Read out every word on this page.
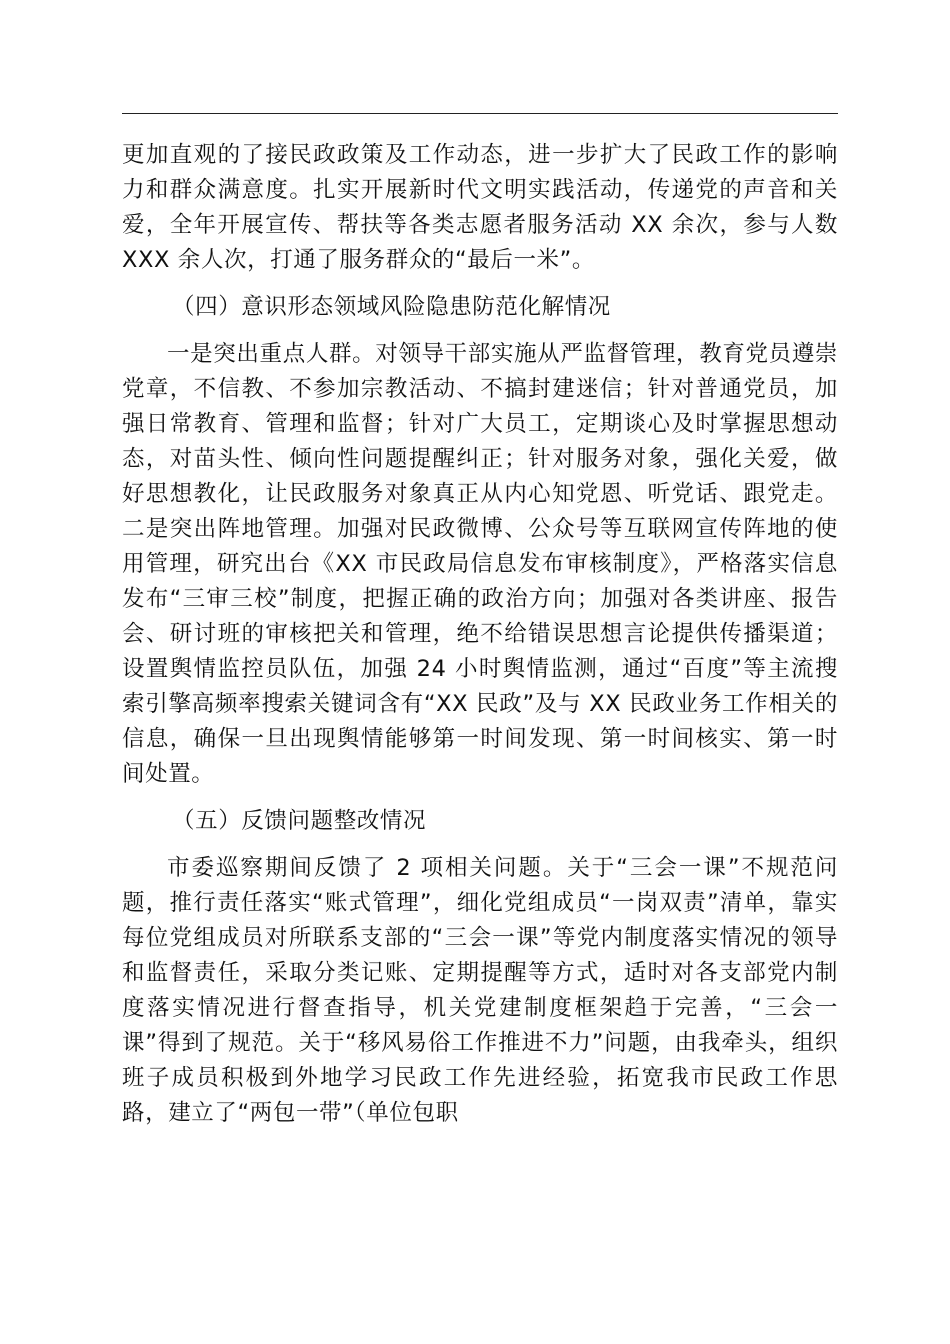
更加直观的了接民政政策及工作动态，进一步扩大了民政工作的影响力和群众满意度。扎实开展新时代文明实践活动，传递党的声音和关爱，全年开展宣传、帮扶等各类志愿者服务活动 XX 余次，参与人数 XXX 余人次，打通了服务群众的“最后一米”。

（四）意识形态领域风险隐患防范化解情况

一是突出重点人群。对领导干部实施从严监督管理，教育党员遵崇党章，不信教、不参加宗教活动、不搞封建迷信；针对普通党员，加强日常教育、管理和监督；针对广大员工，定期谈心及时掌握思想动态，对苗头性、倾向性问题提醒纠正；针对服务对象，强化关爱，做好思想教化，让民政服务对象真正从内心知党恩、听党话、跟党走。二是突出阵地管理。加强对民政微博、公众号等互联网宣传阵地的使用管理，研究出台《XX 市民政局信息发布审核制度》，严格落实信息发布“三审三校”制度，把握正确的政治方向；加强对各类讲座、报告会、研讨班的审核把关和管理，绝不给错误思想言论提供传播渠道；设置舆情监控员队伍，加强 24 小时舆情监测，通过“百度”等主流搜索引擎高频率搜索关键词含有“XX 民政”及与 XX 民政业务工作相关的信息，确保一旦出现舆情能够第一时间发现、第一时间核实、第一时间处置。

（五）反馈问题整改情况

市委巡察期间反馈了 2 项相关问题。关于“三会一课”不规范问题，推行责任落实“账式管理”，细化党组成员“一岗双责”清单，靠实每位党组成员对所联系支部的“三会一课”等党内制度落实情况的领导和监督责任，采取分类记账、定期提醒等方式，适时对各支部党内制度落实情况进行督查指导，机关党建制度框架趋于完善，“三会一课”得到了规范。关于“移风易俗工作推进不力”问题，由我牵头，组织班子成员积极到外地学习民政工作先进经验，拓宽我市民政工作思路，建立了“两包一带”（单位包职
